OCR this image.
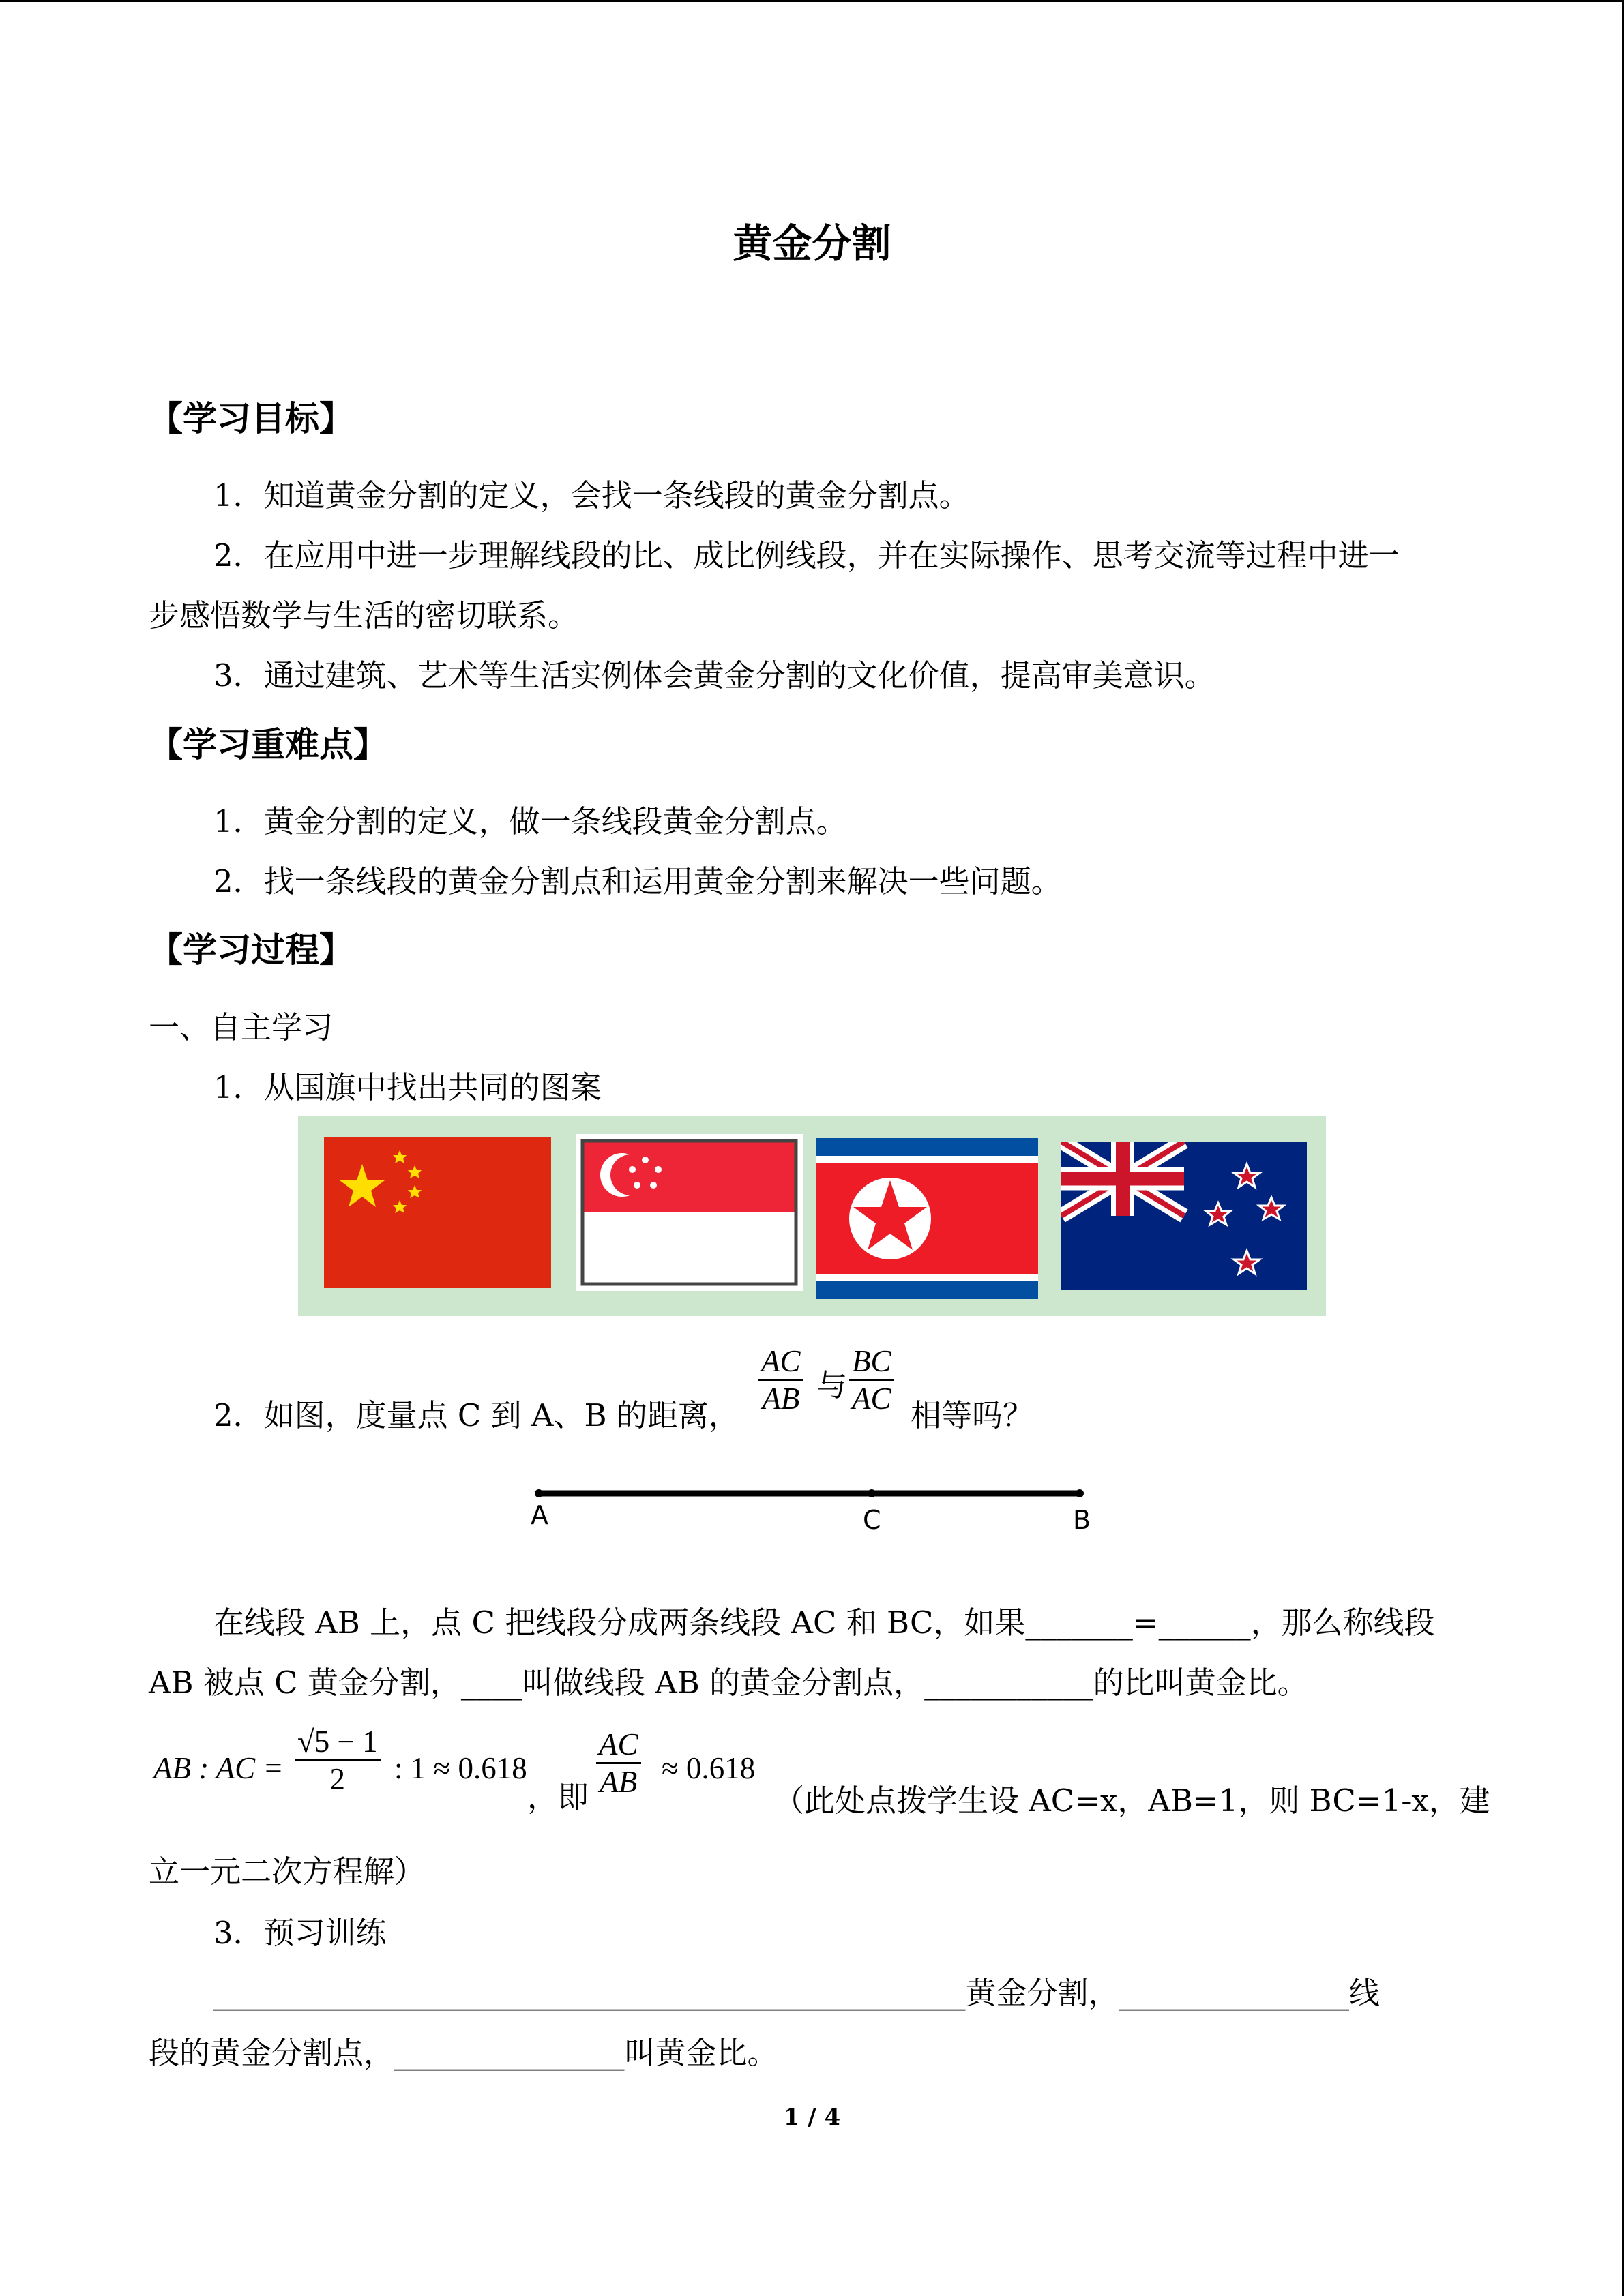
黄金分割
【学习目标】
1．知道黄金分割的定义，会找一条线段的黄金分割点。
2．在应用中进一步理解线段的比、成比例线段，并在实际操作、思考交流等过程中进一
步感悟数学与生活的密切联系。
3．通过建筑、艺术等生活实例体会黄金分割的文化价值，提高审美意识。
【学习重难点】
1．黄金分割的定义，做一条线段黄金分割点。
2．找一条线段的黄金分割点和运用黄金分割来解决一些问题。
【学习过程】
一、自主学习
1．从国旗中找出共同的图案
2．如图，度量点 C 到 A、B 的距离， $\frac{AC}{AB}$ 与 $\frac{BC}{AC}$ 相等吗？
A	C	B
在线段 AB 上，点 C 把线段分成两条线段 AC 和 BC，如果_______=______，那么称线段
AB 被点 C 黄金分割，____叫做线段 AB 的黄金分割点，___________的比叫黄金比。
AB : AC = $\frac{√5 - 1}{2}$ : 1 ≈ 0.618
，即 $\frac{AC}{AB} \approx 0.618$
（此处点拨学生设 AC=x，AB=1，则 BC=1-x，建
立一元二次方程解）
3．预习训练
_________________________________________________黄金分割，_______________线
段的黄金分割点，_______________叫黄金比。
1 / 4
